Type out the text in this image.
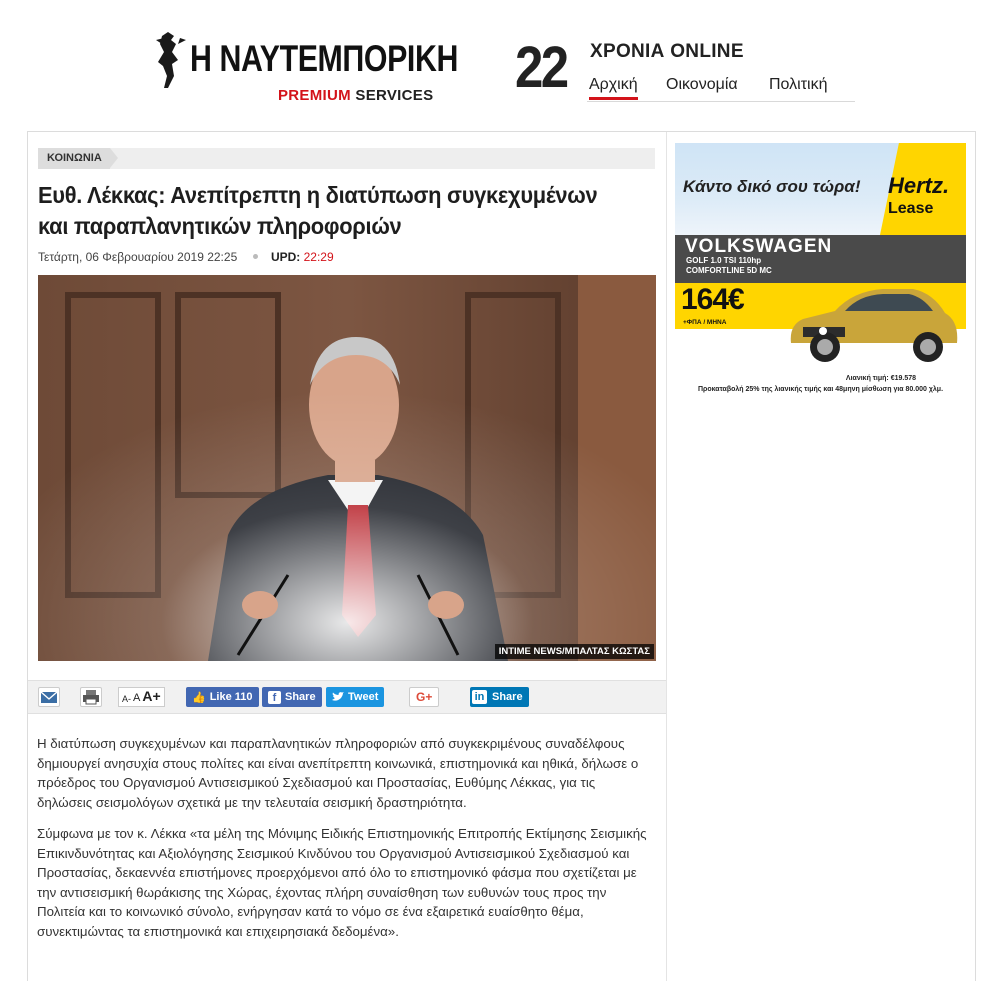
Η ΝΑΥΤΕΜΠΟΡΙΚΗ
PREMIUM SERVICES 22 ΧΡΟΝΙΑ ONLINE
Αρχική Οικονομία Πολιτική
ΚΟΙΝΩΝΙΑ
Ευθ. Λέκκας: Ανεπίτρεπτη η διατύπωση συγκεχυμένων και παραπλανητικών πληροφοριών
Τετάρτη, 06 Φεβρουαρίου 2019 22:25	UPD: 22:29
INTIME NEWS/ΜΠΑΛΤΑΣ ΚΩΣΤΑΣ
A- A A+	👍 Like
110	f Share	Tweet	G+	in Share

Η διατύπωση συγκεχυμένων και παραπλανητικών πληροφοριών από συγκεκριμένους συναδέλφους δημιουργεί ανησυχία στους πολίτες και είναι ανεπίτρεπτη κοινωνικά, επιστημονικά και ηθικά, δήλωσε ο πρόεδρος του Οργανισμού Αντισεισμικού Σχεδιασμού και Προστασίας, Ευθύμης Λέκκας, για τις δηλώσεις σεισμολόγων σχετικά με την τελευταία σεισμική δραστηριότητα.

Σύμφωνα με τον κ. Λέκκα «τα μέλη της Μόνιμης Ειδικής Επιστημονικής Επιτροπής Εκτίμησης Σεισμικής Επικινδυνότητας και Αξιολόγησης Σεισμικού Κινδύνου του Οργανισμού Αντισεισμικού Σχεδιασμού και Προστασίας, δεκαεννέα επιστήμονες προερχόμενοι από όλο το επιστημονικό φάσμα που σχετίζεται με την αντισεισμική θωράκισης της Χώρας, έχοντας πλήρη συναίσθηση των ευθυνών τους προς την Πολιτεία και το κοινωνικό σύνολο, ενήργησαν κατά το νόμο σε ένα εξαιρετικά ευαίσθητο θέμα, συνεκτιμώντας τα επιστημονικά και επιχειρησιακά δεδομένα».

Κάντο δικό σου τώρα! Hertz.
Lease
VOLKSWAGEN
GOLF 1.0 TSI 110hp
COMFORTLINE 5D MC
164€
+ΦΠΑ / ΜΗΝΑ
Λιανική τιμή: €19.578
Προκαταβολή 25% της λιανικής τιμής και 48μηνη μίσθωση για 80.000 χλμ.
